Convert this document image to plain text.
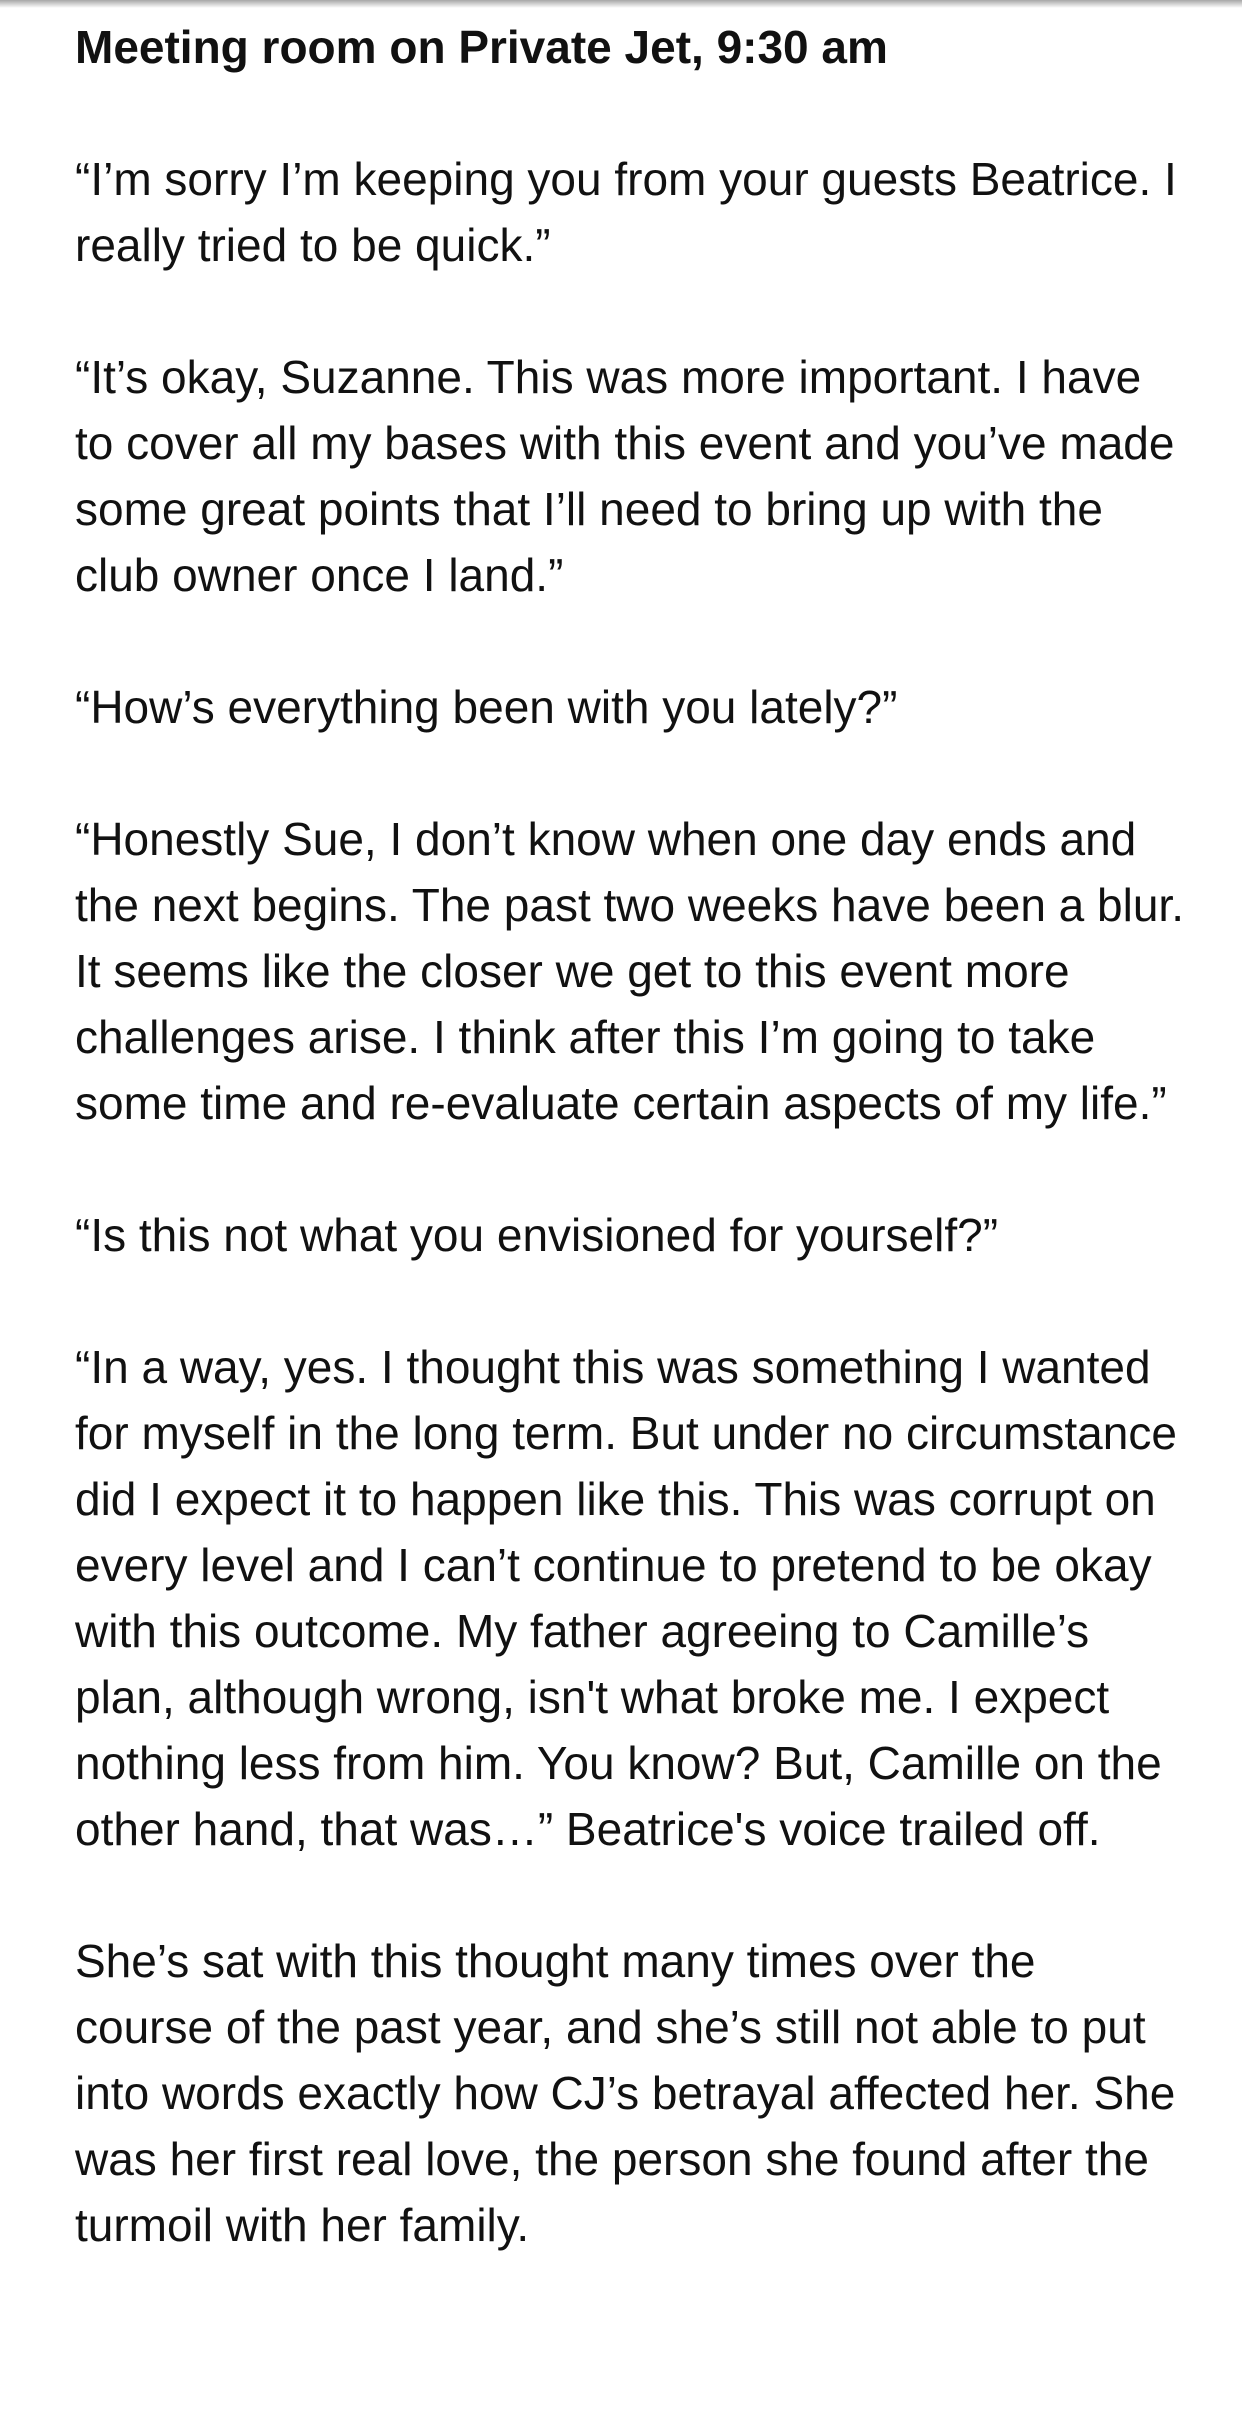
Meeting room on Private Jet, 9:30 am

“I’m sorry I’m keeping you from your guests Beatrice. I really tried to be quick.”

“It’s okay, Suzanne. This was more important. I have to cover all my bases with this event and you’ve made some great points that I’ll need to bring up with the club owner once I land.”

“How’s everything been with you lately?”

“Honestly Sue, I don’t know when one day ends and the next begins. The past two weeks have been a blur. It seems like the closer we get to this event more challenges arise. I think after this I’m going to take some time and re-evaluate certain aspects of my life.”

“Is this not what you envisioned for yourself?”

“In a way, yes. I thought this was something I wanted for myself in the long term. But under no circumstance did I expect it to happen like this. This was corrupt on every level and I can’t continue to pretend to be okay with this outcome. My father agreeing to Camille’s plan, although wrong, isn't what broke me. I expect nothing less from him. You know? But, Camille on the other hand, that was…” Beatrice's voice trailed off.

She’s sat with this thought many times over the course of the past year, and she’s still not able to put into words exactly how CJ’s betrayal affected her. She was her first real love, the person she found after the turmoil with her family.
